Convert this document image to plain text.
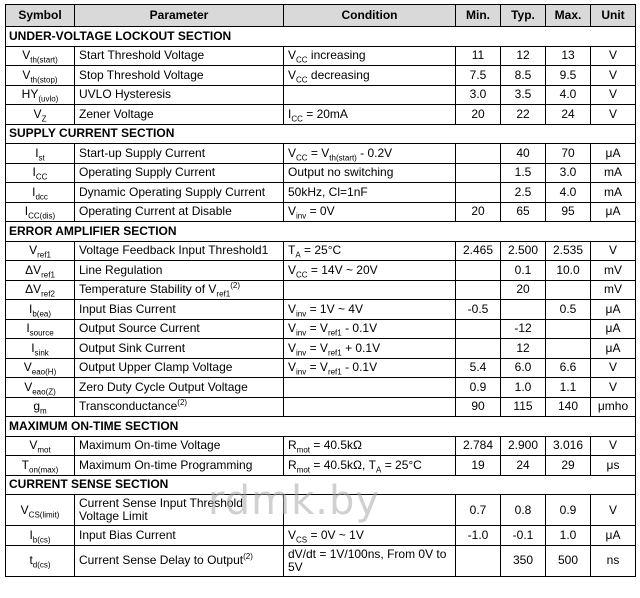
Symbol	Parameter	Condition	Min.	Typ.	Max.	Unit
UNDER-VOLTAGE LOCKOUT SECTION						
$V_{th(start)}$	Start Threshold Voltage	$V_{CC}$ increasing	11	12	13	V
$V_{th(stop)}$	Stop Threshold Voltage	$V_{CC}$ decreasing	7.5	8.5	9.5	V
$HY_{(uvlo)}$	UVLO Hysteresis		3.0	3.5	4.0	V
$V_Z$	Zener Voltage	$I_{CC} = 20mA$	20	22	24	V
SUPPLY CURRENT SECTION						
$I_{st}$	Start-up Supply Current	$V_{CC} = V_{th(start)} - 0.2V$		40	70	μA
$I_{CC}$	Operating Supply Current	Output no switching		1.5	3.0	mA
$I_{dcc}$	Dynamic Operating Supply Current	50kHz, Cl=1nF		2.5	4.0	mA
$I_{CC(dis)}$	Operating Current at Disable	$V_{inv} = 0V$	20	65	95	μA
ERROR AMPLIFIER SECTION						
$V_{ref1}$	Voltage Feedback Input Threshold1	$T_A = 25^\circ C$	2.465	2.500	2.535	V
$\Delta V_{ref1}$	Line Regulation	$V_{CC} = 14V$ ~ 20V		0.1	10.0	mV
$\Delta V_{ref2}$	Temperature Stability of $V_{ref1}^{(2)}$			20		mV
$I_{b(ea)}$	Input Bias Current	$V_{inv} = 1V$ ~ 4V	-0.5		0.5	μA
$I_{source}$	Output Source Current	$V_{inv} = V_{ref1} - 0.1V$		-12		μA
$I_{sink}$	Output Sink Current	$V_{inv} = V_{ref1} + 0.1V$		12		μA
$V_{eao(H)}$	Output Upper Clamp Voltage	$V_{inv} = V_{ref1} - 0.1V$	5.4	6.0	6.6	V
$V_{eao(Z)}$	Zero Duty Cycle Output Voltage		0.9	1.0	1.1	V
$g_m$	Transconductance$^{(2)}$		90	115	140	μmho
MAXIMUM ON-TIME SECTION						
$V_{mot}$	Maximum On-time Voltage	$R_{mot} = 40.5k\Omega$	2.784	2.900	3.016	V
$T_{on(max)}$	Maximum On-time Programming	$R_{mot} = 40.5k\Omega$, $T_A = 25^\circ C$	19	24	29	μs
CURRENT SENSE SECTION						
$V_{CS(limit)}$	Current Sense Input Threshold Voltage Limit		0.7	0.8	0.9	V
$I_{b(cs)}$	Input Bias Current	$V_{CS} = 0V$ ~ 1V	-1.0	-0.1	1.0	μA
$t_{d(cs)}$	Current Sense Delay to Output$^{(2)}$	dV/dt = 1V/100ns, From 0V to 5V		350	500	ns
rdmk.by
